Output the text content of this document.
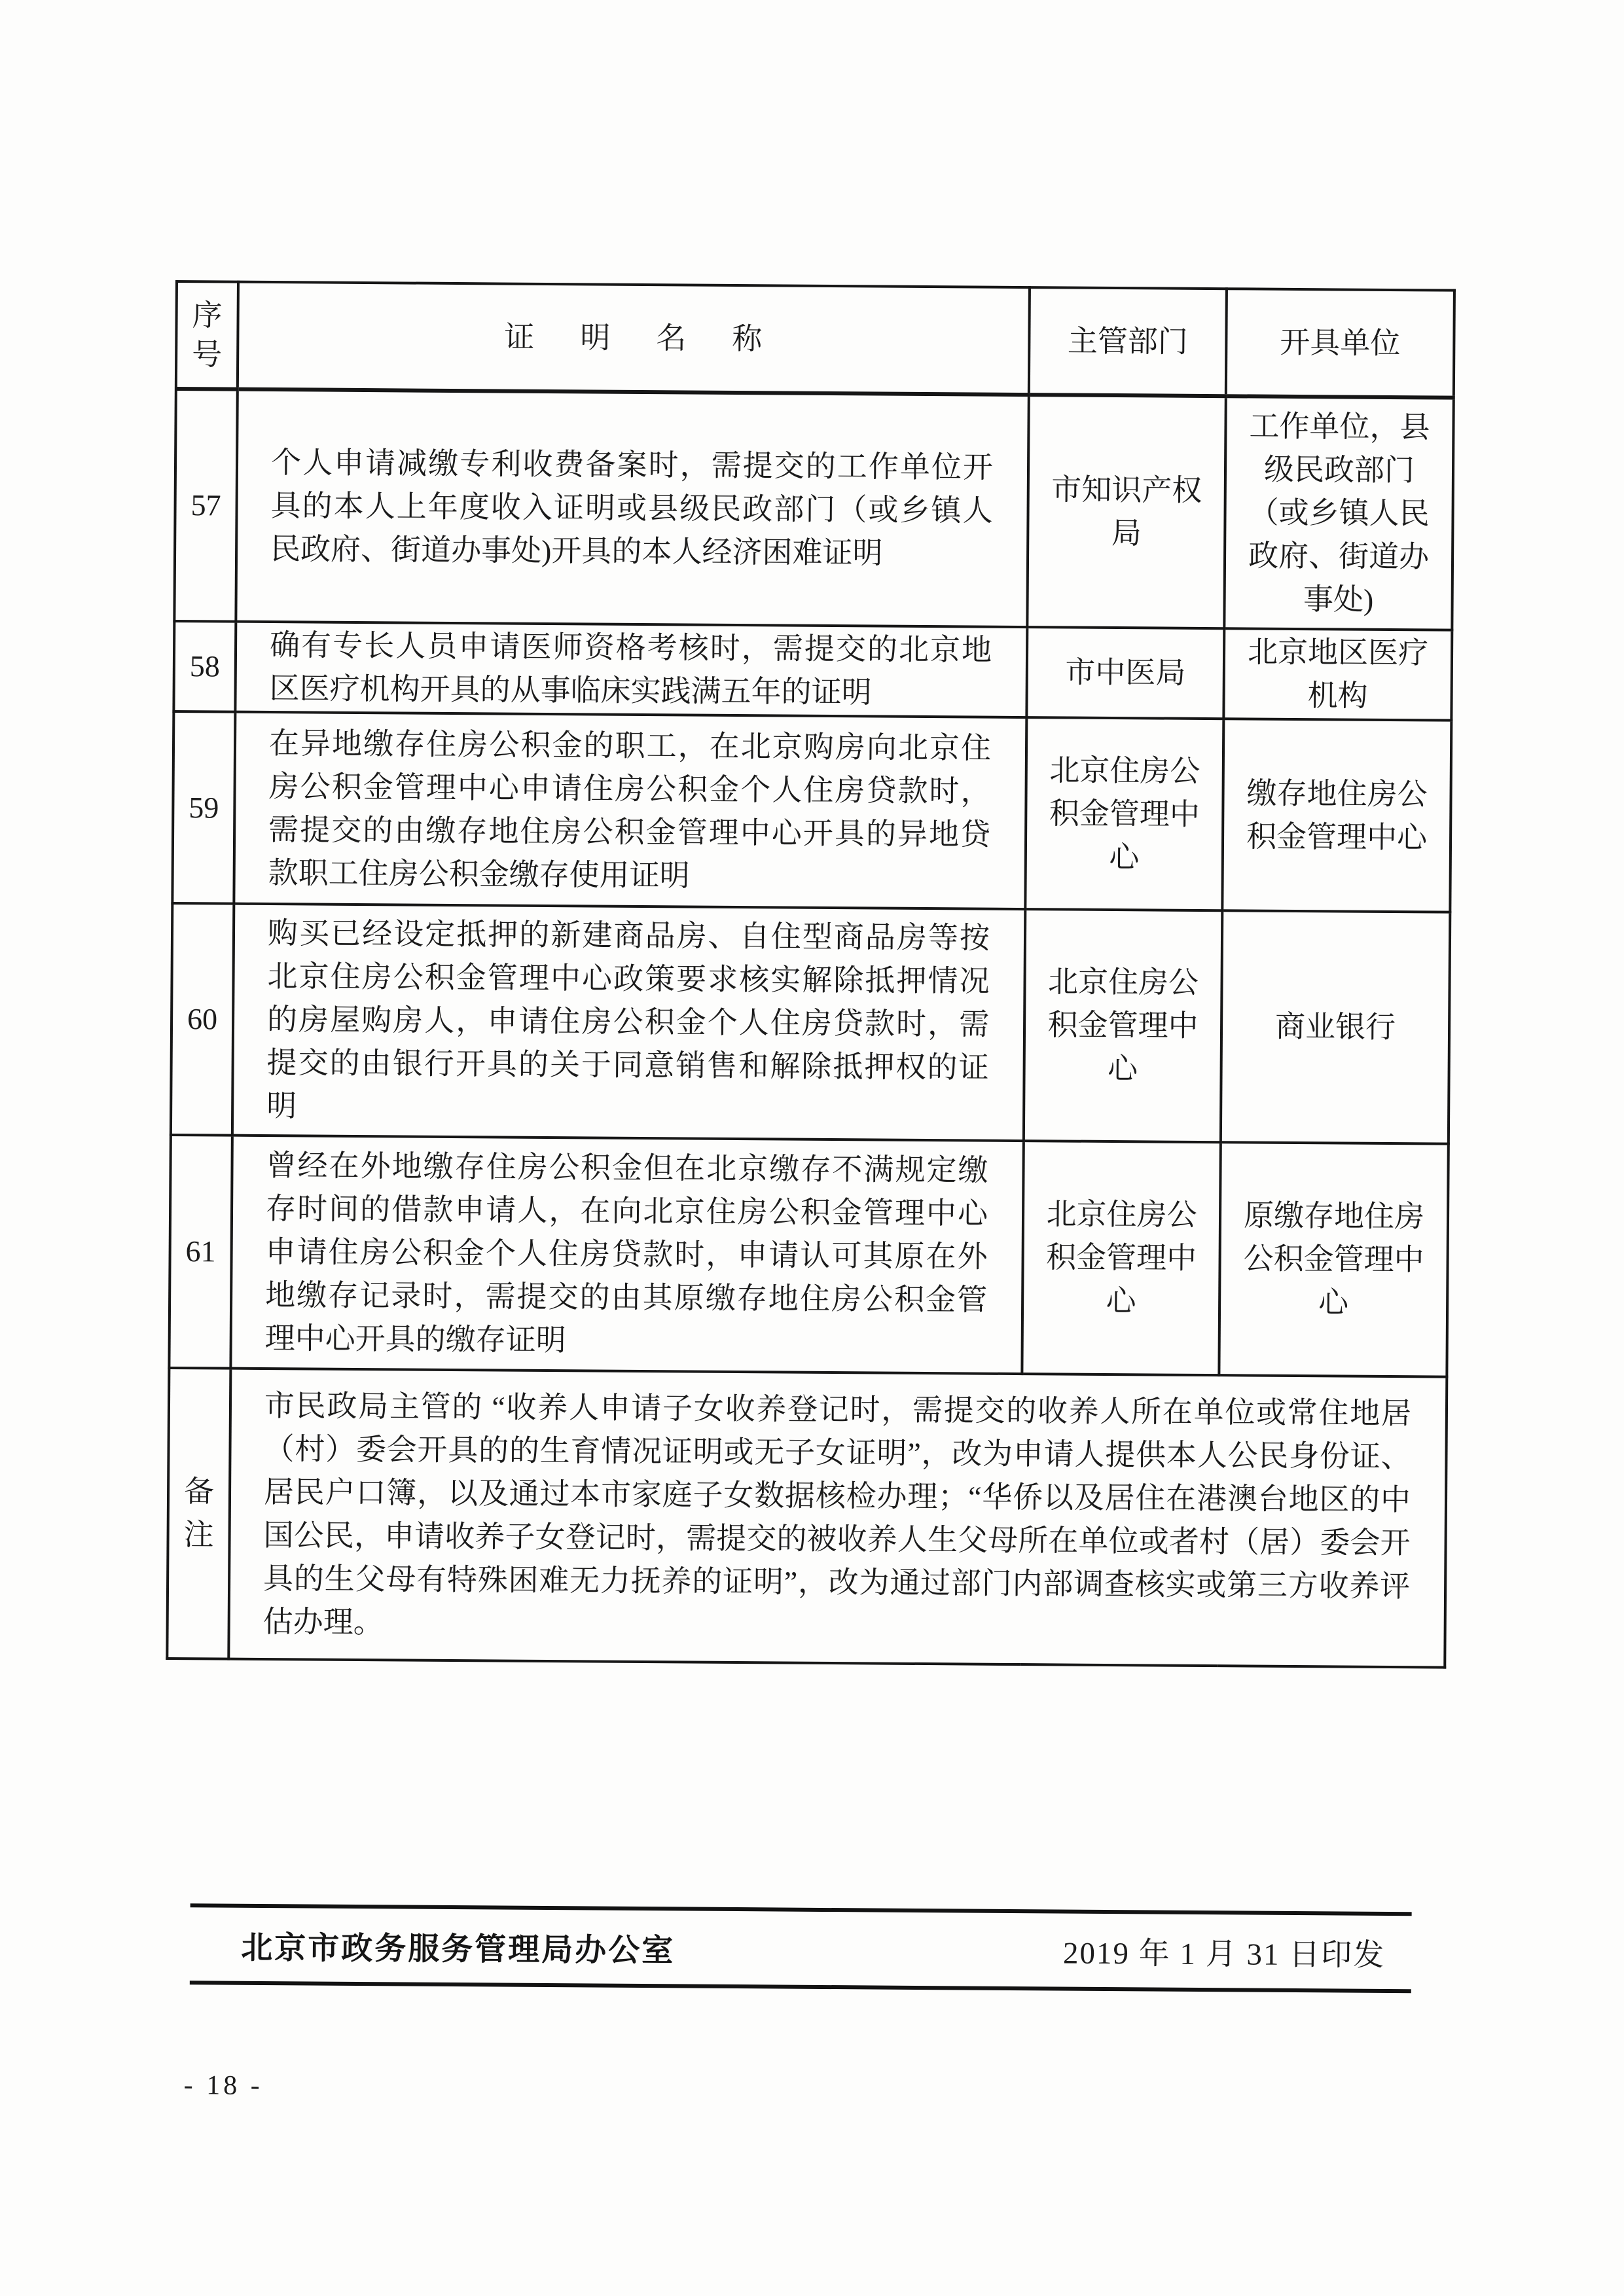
序号	证明名称	主管部门	开具单位
57	个人申请减缴专利收费备案时，需提交的工作单位开具的本人上年度收入证明或县级民政部门（或乡镇人民政府、街道办事处)开具的本人经济困难证明	市知识产权局	工作单位，县级民政部门（或乡镇人民政府、街道办事处)
58	确有专长人员申请医师资格考核时，需提交的北京地区医疗机构开具的从事临床实践满五年的证明	市中医局	北京地区医疗机构
59	在异地缴存住房公积金的职工，在北京购房向北京住房公积金管理中心申请住房公积金个人住房贷款时，需提交的由缴存地住房公积金管理中心开具的异地贷款职工住房公积金缴存使用证明	北京住房公积金管理中心	缴存地住房公积金管理中心
60	购买已经设定抵押的新建商品房、自住型商品房等按北京住房公积金管理中心政策要求核实解除抵押情况的房屋购房人，申请住房公积金个人住房贷款时，需提交的由银行开具的关于同意销售和解除抵押权的证明	北京住房公积金管理中心	商业银行
61	曾经在外地缴存住房公积金但在北京缴存不满规定缴存时间的借款申请人，在向北京住房公积金管理中心申请住房公积金个人住房贷款时，申请认可其原在外地缴存记录时，需提交的由其原缴存地住房公积金管理中心开具的缴存证明	北京住房公积金管理中心	原缴存地住房公积金管理中心
备注	市民政局主管的 “收养人申请子女收养登记时，需提交的收养人所在单位或常住地居（村）委会开具的的生育情况证明或无子女证明”，改为申请人提供本人公民身份证、居民户口簿，以及通过本市家庭子女数据核检办理；“华侨以及居住在港澳台地区的中国公民，申请收养子女登记时，需提交的被收养人生父母所在单位或者村（居）委会开具的生父母有特殊困难无力抚养的证明”，改为通过部门内部调查核实或第三方收养评估办理。		
北京市政务服务管理局办公室	2019 年 1 月 31 日印发
- 18 -
